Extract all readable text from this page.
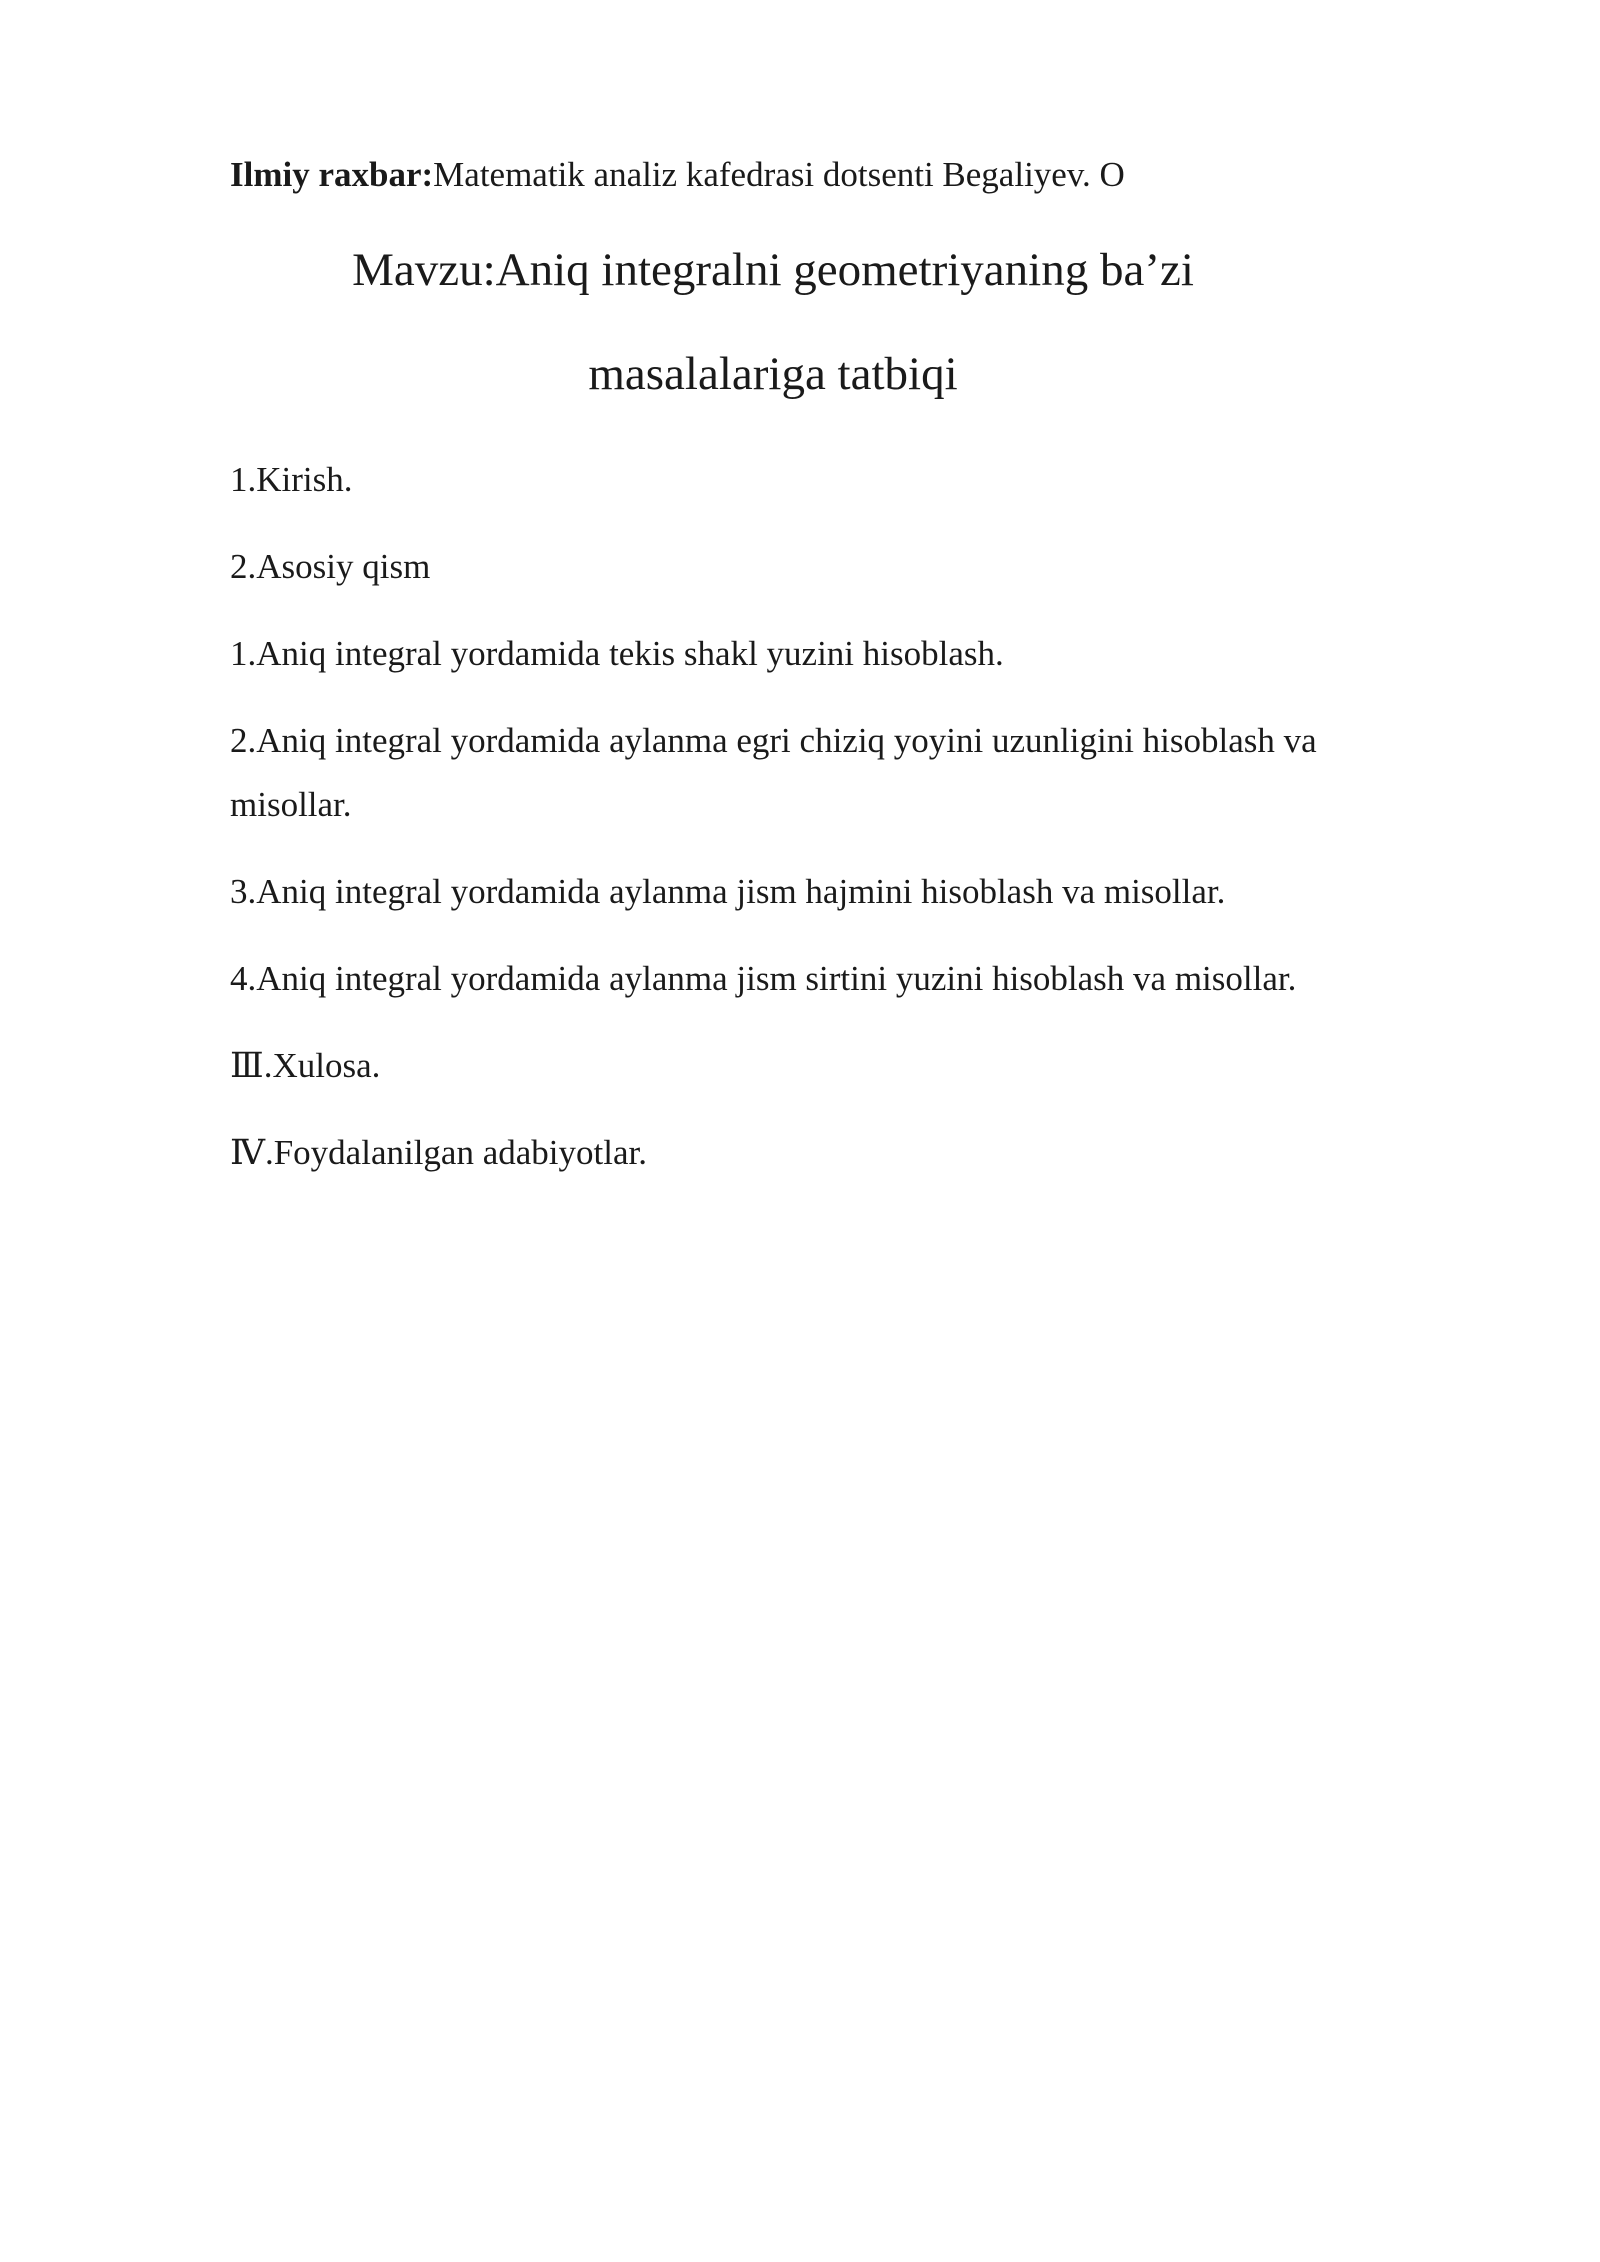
Ilmiy raxbar:Matematik analiz kafedrasi dotsenti Begaliyev. O
Mavzu:Aniq integralni geometriyaning ba’zi
masalalariga tatbiqi
1.Kirish.
2.Asosiy qism
1.Aniq integral yordamida tekis shakl yuzini hisoblash.
2.Aniq integral yordamida aylanma egri chiziq yoyini uzunligini hisoblash va misollar.
3.Aniq integral yordamida aylanma jism hajmini hisoblash va misollar.
4.Aniq integral yordamida aylanma jism sirtini yuzini hisoblash va misollar.
Ⅲ.Xulosa.
Ⅳ.Foydalanilgan adabiyotlar.
